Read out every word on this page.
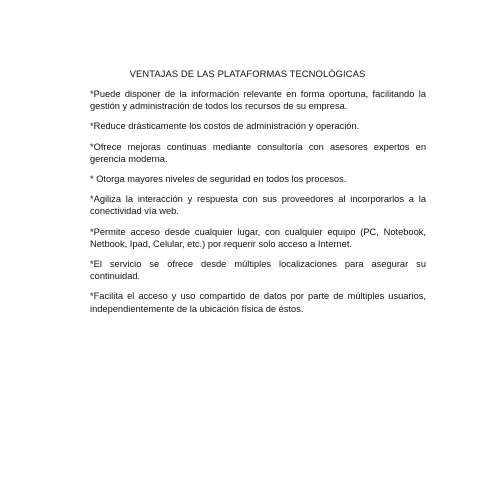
VENTAJAS DE LAS PLATAFORMAS TECNOLÒGICAS

*Puede disponer de la información relevante en forma oportuna, facilitando la gestión y administración de todos los recursos de su empresa.

*Reduce drásticamente los costos de administración y operación.

*Ofrece mejoras continuas mediante consultoría con asesores expertos en gerencia moderna.

* Otorga mayores niveles de seguridad en todos los procesos.

*Agiliza la interacción y respuesta con sus proveedores al incorporarlos a la conectividad vía web.

*Permite acceso desde cualquier lugar, con cualquier equipo (PC, Notebook, Netbook, Ipad, Celular, etc.) por requerir solo acceso a Internet.

*El servicio se ofrece desde múltiples localizaciones para asegurar su continuidad.

*Facilita el acceso y uso compartido de datos por parte de múltiples usuarios, independientemente de la ubicación física de éstos.
